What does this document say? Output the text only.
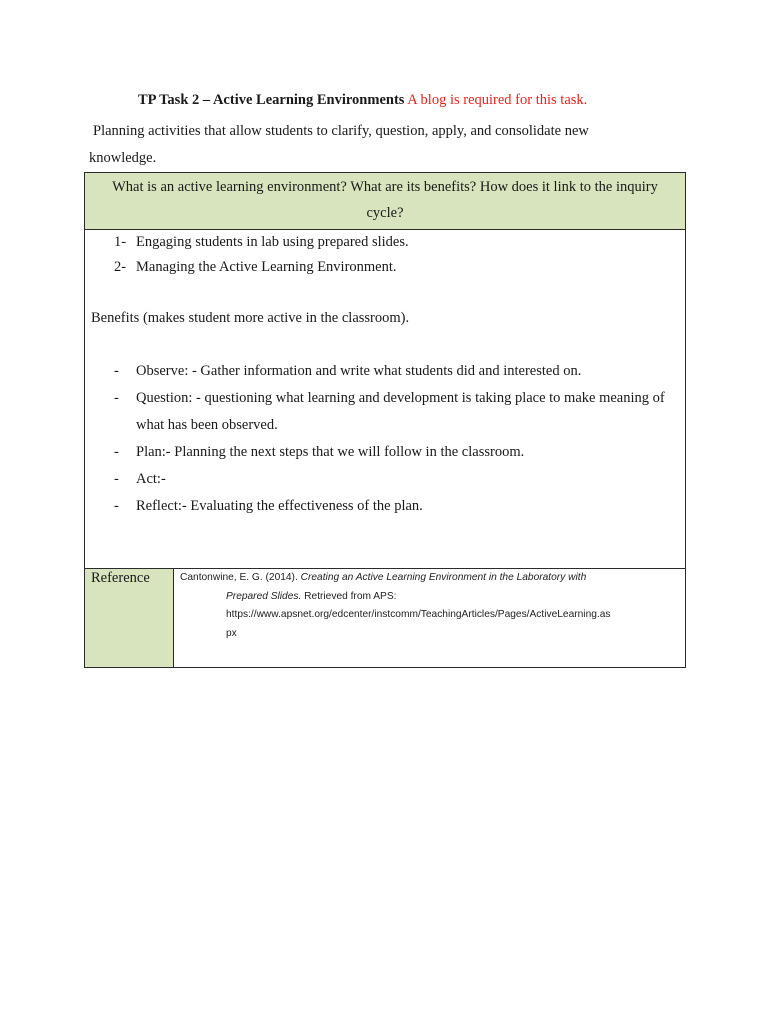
TP Task 2 – Active Learning Environments A blog is required for this task.
Planning activities that allow students to clarify, question, apply, and consolidate new
knowledge.
What is an active learning environment? What are its benefits? How does it link to the inquiry cycle?

1- Engaging students in lab using prepared slides.
2- Managing the Active Learning Environment.
Benefits (makes student more active in the classroom).
- Observe: - Gather information and write what students did and interested on.
- Question: - questioning what learning and development is taking place to make meaning of what has been observed.
- Plan:- Planning the next steps that we will follow in the classroom.
- Act:-
- Reflect:- Evaluating the effectiveness of the plan.

Reference	Cantonwine, E. G. (2014). Creating an Active Learning Environment in the Laboratory with
Prepared Slides. Retrieved from APS:
https://www.apsnet.org/edcenter/instcomm/TeachingArticles/Pages/ActiveLearning.as
px
